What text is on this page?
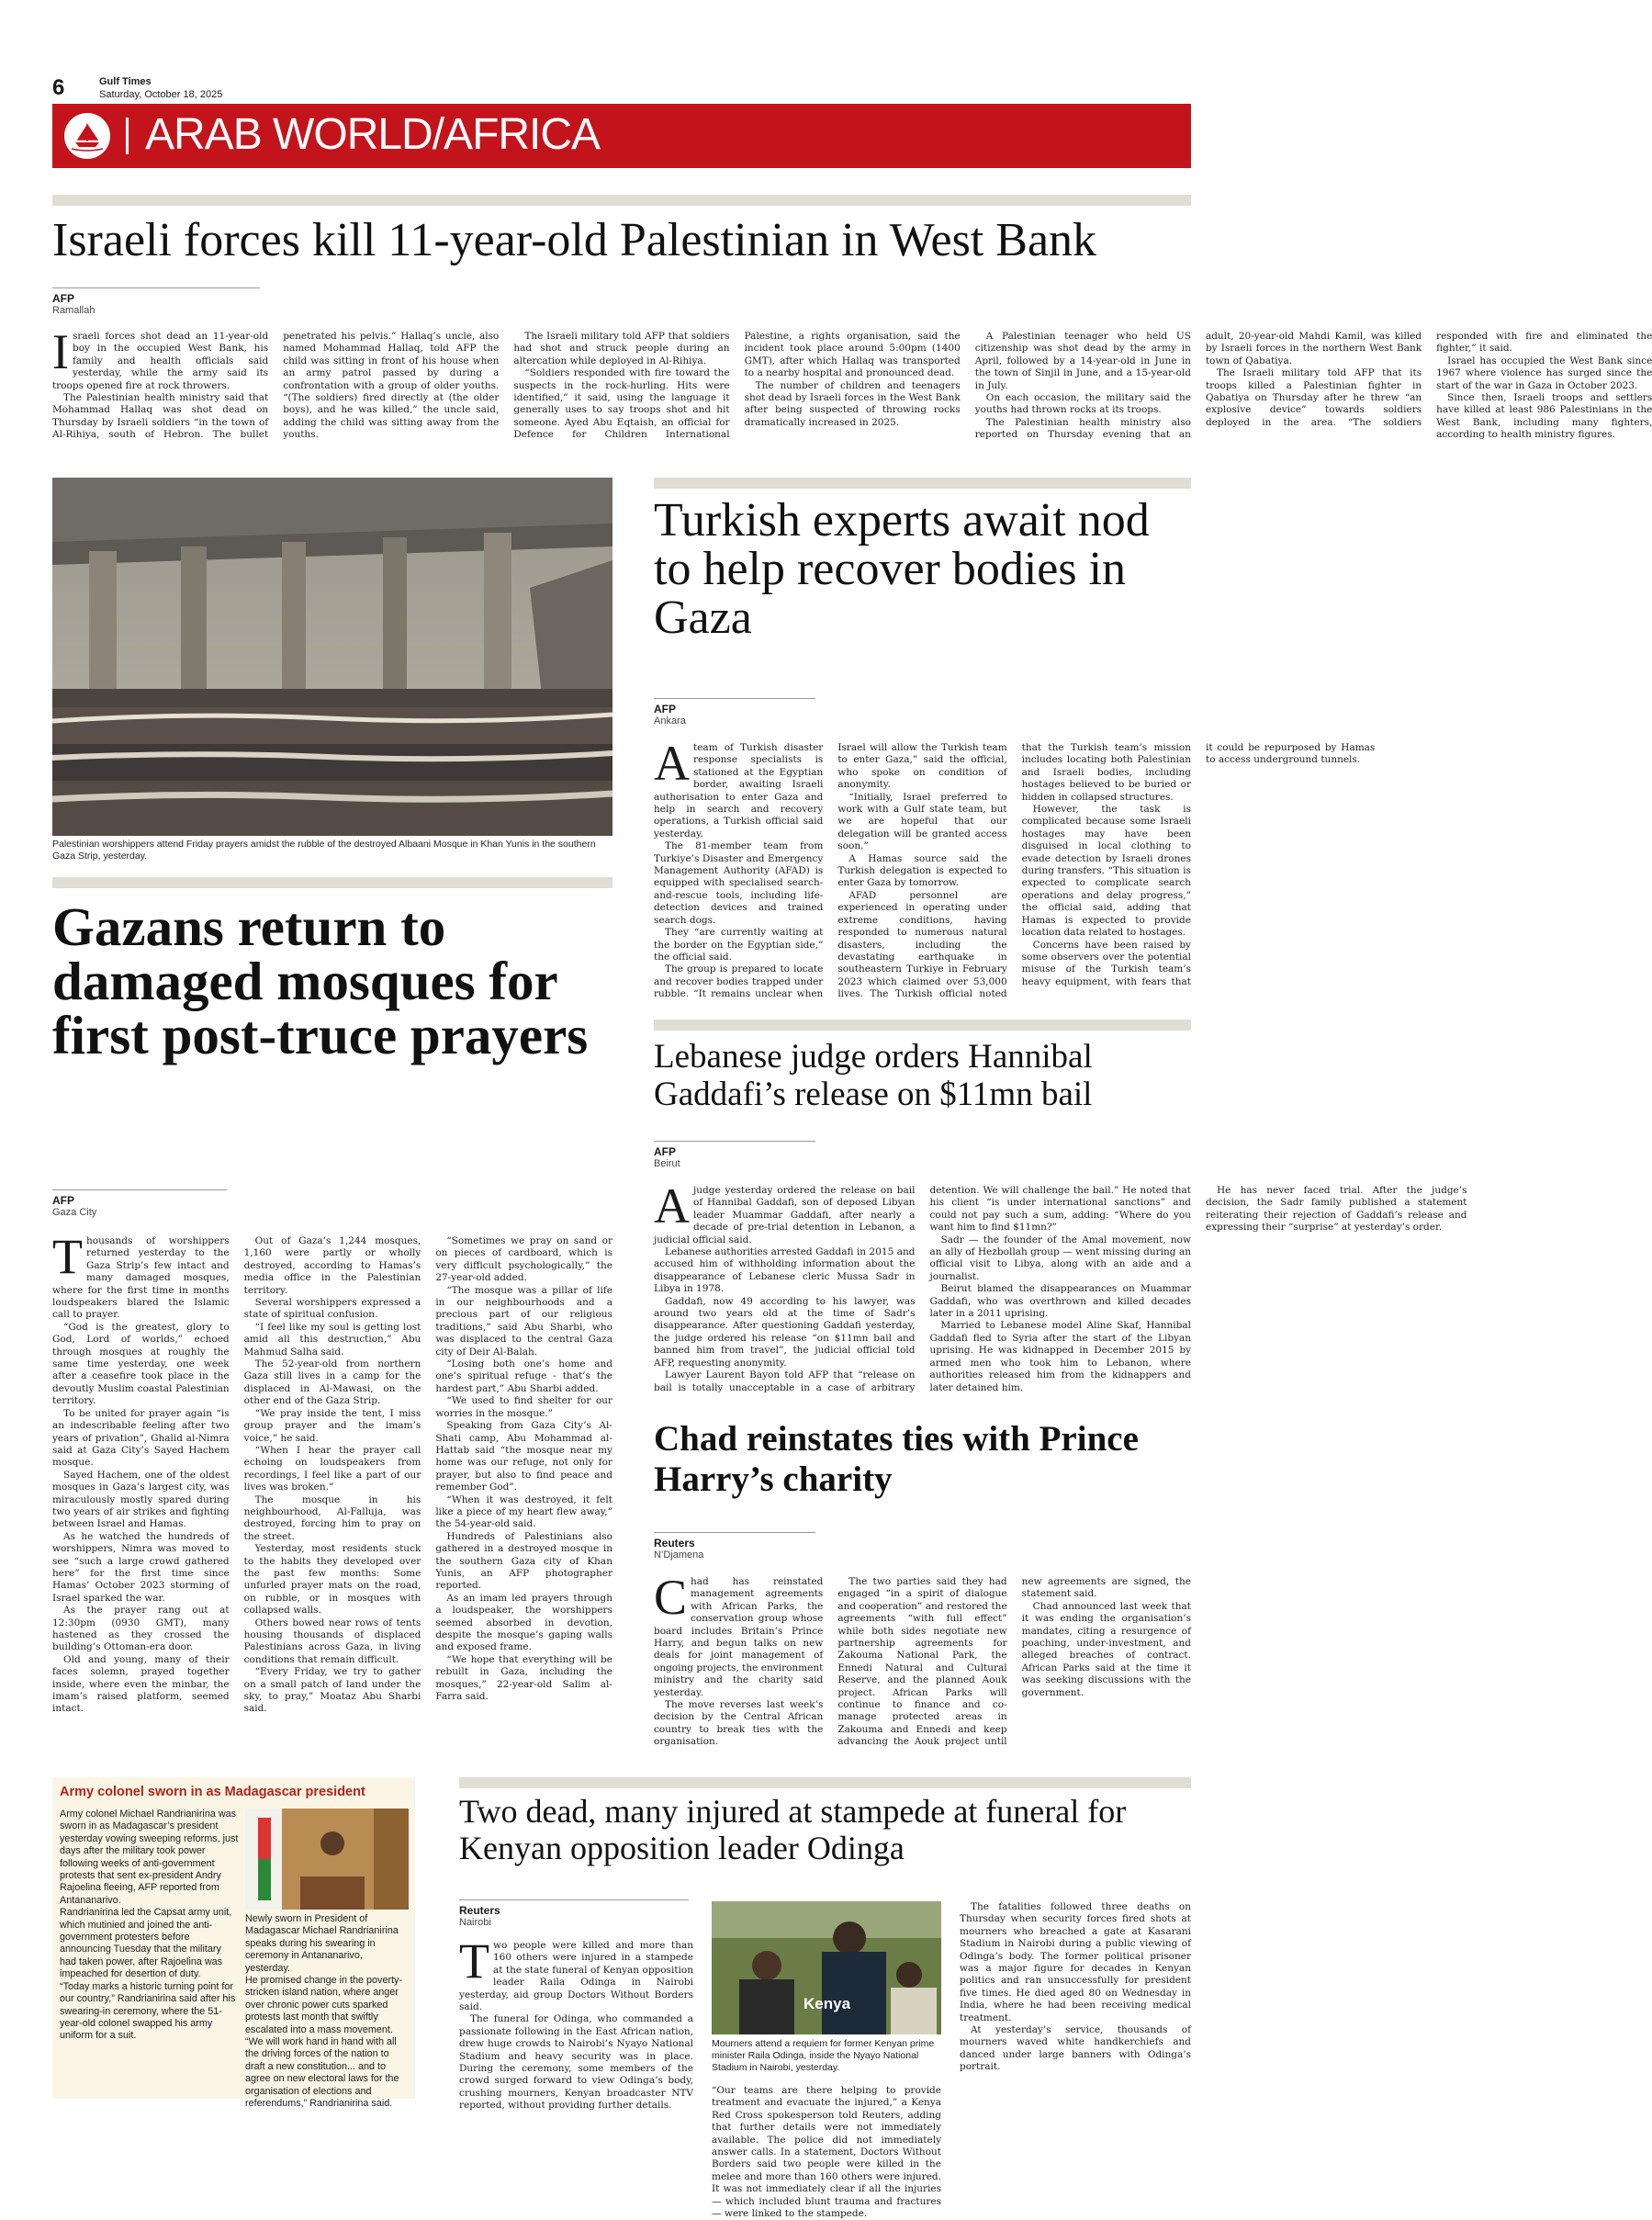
6	Gulf Times
Saturday, October 18, 2025
ARAB WORLD/AFRICA
Israeli forces kill 11-year-old Palestinian in West Bank
AFP
Ramallah

Israeli forces shot dead an 11-year-old boy in the occupied West Bank, his family and health officials said yesterday, while the army said its troops opened fire at rock throwers.

The Palestinian health ministry said that Mohammad Hallaq was shot dead on Thursday by Israeli soldiers “in the town of Al-Rihiya, south of Hebron. The bullet penetrated his pelvis.” Hallaq’s uncle, also named Mohammad Hallaq, told AFP the child was sitting in front of his house when an army patrol passed by during a confrontation with a group of older youths. “(The soldiers) fired directly at (the older boys), and he was killed,” the uncle said, adding the child was sitting away from the youths.

The Israeli military told AFP that soldiers had shot and struck people during an altercation while deployed in Al-Rihiya.

“Soldiers responded with fire toward the suspects in the rock-hurling. Hits were identified,” it said, using the language it generally uses to say troops shot and hit someone. Ayed Abu Eqtaish, an official for Defence for Children International Palestine, a rights organisation, said the incident took place around 5:00pm (1400 GMT), after which Hallaq was transported to a nearby hospital and pronounced dead.

The number of children and teenagers shot dead by Israeli forces in the West Bank after being suspected of throwing rocks dramatically increased in 2025.

A Palestinian teenager who held US citizenship was shot dead by the army in April, followed by a 14-year-old in June in the town of Sinjil in June, and a 15-year-old in July.

On each occasion, the military said the youths had thrown rocks at its troops.

The Palestinian health ministry also reported on Thursday evening that an adult, 20-year-old Mahdi Kamil, was killed by Israeli forces in the northern West Bank town of Qabatiya.

The Israeli military told AFP that its troops killed a Palestinian fighter in Qabatiya on Thursday after he threw “an explosive device” towards soldiers deployed in the area. “The soldiers responded with fire and eliminated the fighter,” it said.

Israel has occupied the West Bank since 1967 where violence has surged since the start of the war in Gaza in October 2023.

Since then, Israeli troops and settlers have killed at least 986 Palestinians in the West Bank, including many fighters, according to health ministry figures.

Palestinian worshippers attend Friday prayers amidst the rubble of the destroyed Albaani Mosque in Khan Yunis in the southern Gaza Strip, yesterday.
Turkish experts await nod to help recover bodies in Gaza
AFP
Ankara

A team of Turkish disaster response specialists is stationed at the Egyptian border, awaiting Israeli authorisation to enter Gaza and help in search and recovery operations, a Turkish official said yesterday.

The 81-member team from Turkiye’s Disaster and Emergency Management Authority (AFAD) is equipped with specialised search-and-rescue tools, including life-detection devices and trained search dogs.

They “are currently waiting at the border on the Egyptian side,” the official said.

The group is prepared to locate and recover bodies trapped under rubble. “It remains unclear when Israel will allow the Turkish team to enter Gaza,” said the official, who spoke on condition of anonymity.

“Initially, Israel preferred to work with a Gulf state team, but we are hopeful that our delegation will be granted access soon.”

A Hamas source said the Turkish delegation is expected to enter Gaza by tomorrow.

AFAD personnel are experienced in operating under extreme conditions, having responded to numerous natural disasters, including the devastating earthquake in southeastern Turkiye in February 2023 which claimed over 53,000 lives. The Turkish official noted that the Turkish team’s mission includes locating both Palestinian and Israeli bodies, including hostages believed to be buried or hidden in collapsed structures.

However, the task is complicated because some Israeli hostages may have been disguised in local clothing to evade detection by Israeli drones during transfers. “This situation is expected to complicate search operations and delay progress,” the official said, adding that Hamas is expected to provide location data related to hostages.

Concerns have been raised by some observers over the potential misuse of the Turkish team’s heavy equipment, with fears that it could be repurposed by Hamas to access underground tunnels.

Gazans return to damaged mosques for first post-truce prayers
AFP
Gaza City

Thousands of worshippers returned yesterday to the Gaza Strip’s few intact and many damaged mosques, where for the first time in months loudspeakers blared the Islamic call to prayer.

“God is the greatest, glory to God, Lord of worlds,” echoed through mosques at roughly the same time yesterday, one week after a ceasefire took place in the devoutly Muslim coastal Palestinian territory.

To be united for prayer again “is an indescribable feeling after two years of privation”, Ghalid al-Nimra said at Gaza City’s Sayed Hachem mosque.

Sayed Hachem, one of the oldest mosques in Gaza’s largest city, was miraculously mostly spared during two years of air strikes and fighting between Israel and Hamas.

As he watched the hundreds of worshippers, Nimra was moved to see “such a large crowd gathered here” for the first time since Hamas’ October 2023 storming of Israel sparked the war.

As the prayer rang out at 12:30pm (0930 GMT), many hastened as they crossed the building’s Ottoman-era door.

Old and young, many of their faces solemn, prayed together inside, where even the minbar, the imam’s raised platform, seemed intact.

Out of Gaza’s 1,244 mosques, 1,160 were partly or wholly destroyed, according to Hamas’s media office in the Palestinian territory.

Several worshippers expressed a state of spiritual confusion.

“I feel like my soul is getting lost amid all this destruction,” Abu Mahmud Salha said.

The 52-year-old from northern Gaza still lives in a camp for the displaced in Al-Mawasi, on the other end of the Gaza Strip.

“We pray inside the tent, I miss group prayer and the imam’s voice,” he said.

“When I hear the prayer call echoing on loudspeakers from recordings, I feel like a part of our lives was broken.”

The mosque in his neighbourhood, Al-Falluja, was destroyed, forcing him to pray on the street.

Yesterday, most residents stuck to the habits they developed over the past few months: Some unfurled prayer mats on the road, on rubble, or in mosques with collapsed walls.

Others bowed near rows of tents housing thousands of displaced Palestinians across Gaza, in living conditions that remain difficult.

“Every Friday, we try to gather on a small patch of land under the sky, to pray,” Moataz Abu Sharbi said.

“Sometimes we pray on sand or on pieces of cardboard, which is very difficult psychologically,” the 27-year-old added.

“The mosque was a pillar of life in our neighbourhoods and a precious part of our religious traditions,” said Abu Sharbi, who was displaced to the central Gaza city of Deir Al-Balah.

“Losing both one’s home and one’s spiritual refuge - that’s the hardest part,” Abu Sharbi added.

“We used to find shelter for our worries in the mosque.”

Speaking from Gaza City’s Al-Shati camp, Abu Mohammad al-Hattab said “the mosque near my home was our refuge, not only for prayer, but also to find peace and remember God”.

“When it was destroyed, it felt like a piece of my heart flew away,” the 54-year-old said.

Hundreds of Palestinians also gathered in a destroyed mosque in the southern Gaza city of Khan Yunis, an AFP photographer reported.

As an imam led prayers through a loudspeaker, the worshippers seemed absorbed in devotion, despite the mosque’s gaping walls and exposed frame.

“We hope that everything will be rebuilt in Gaza, including the mosques,” 22-year-old Salim al-Farra said.

Lebanese judge orders Hannibal Gaddafi’s release on $11mn bail
AFP
Beirut

A judge yesterday ordered the release on bail of Hannibal Gaddafi, son of deposed Libyan leader Muammar Gaddafi, after nearly a decade of pre-trial detention in Lebanon, a judicial official said.

Lebanese authorities arrested Gaddafi in 2015 and accused him of withholding information about the disappearance of Lebanese cleric Mussa Sadr in Libya in 1978.

Gaddafi, now 49 according to his lawyer, was around two years old at the time of Sadr’s disappearance. After questioning Gaddafi yesterday, the judge ordered his release “on $11mn bail and banned him from travel”, the judicial official told AFP, requesting anonymity.

Lawyer Laurent Bayon told AFP that “release on bail is totally unacceptable in a case of arbitrary detention. We will challenge the bail.” He noted that his client “is under international sanctions” and could not pay such a sum, adding: “Where do you want him to find $11mn?”

Sadr — the founder of the Amal movement, now an ally of Hezbollah group — went missing during an official visit to Libya, along with an aide and a journalist.

Beirut blamed the disappearances on Muammar Gaddafi, who was overthrown and killed decades later in a 2011 uprising.

Married to Lebanese model Aline Skaf, Hannibal Gaddafi fled to Syria after the start of the Libyan uprising. He was kidnapped in December 2015 by armed men who took him to Lebanon, where authorities released him from the kidnappers and later detained him.

He has never faced trial. After the judge’s decision, the Sadr family published a statement reiterating their rejection of Gaddafi’s release and expressing their “surprise” at yesterday’s order.

Chad reinstates ties with Prince Harry’s charity
Reuters
N’Djamena

Chad has reinstated management agreements with African Parks, the conservation group whose board includes Britain’s Prince Harry, and begun talks on new deals for joint management of ongoing projects, the environment ministry and the charity said yesterday.

The move reverses last week’s decision by the Central African country to break ties with the organisation.

The two parties said they had engaged “in a spirit of dialogue and cooperation” and restored the agreements “with full effect” while both sides negotiate new partnership agreements for Zakouma National Park, the Ennedi Natural and Cultural Reserve, and the planned Aouk project. African Parks will continue to finance and co-manage protected areas in Zakouma and Ennedi and keep advancing the Aouk project until new agreements are signed, the statement said.

Chad announced last week that it was ending the organisation’s mandates, citing a resurgence of poaching, under-investment, and alleged breaches of contract. African Parks said at the time it was seeking discussions with the government.

Army colonel sworn in as Madagascar president

Army colonel Michael Randrianirina was sworn in as Madagascar’s president yesterday vowing sweeping reforms, just days after the military took power following weeks of anti-government protests that sent ex-president Andry Rajoelina fleeing, AFP reported from Antananarivo.

Randrianirina led the Capsat army unit, which mutinied and joined the anti-government protesters before announcing Tuesday that the military had taken power, after Rajoelina was impeached for desertion of duty.

“Today marks a historic turning point for our country,” Randrianirina said after his swearing-in ceremony, where the 51-year-old colonel swapped his army uniform for a suit.

Newly sworn in President of Madagascar Michael Randrianirina speaks during his swearing in ceremony in Antananarivo, yesterday.

He promised change in the poverty-stricken island nation, where anger over chronic power cuts sparked protests last month that swiftly escalated into a mass movement.

“We will work hand in hand with all the driving forces of the nation to draft a new constitution... and to agree on new electoral laws for the organisation of elections and referendums,” Randrianirina said.

Two dead, many injured at stampede at funeral for Kenyan opposition leader Odinga
Reuters
Nairobi

Two people were killed and more than 160 others were injured in a stampede at the state funeral of Kenyan opposition leader Raila Odinga in Nairobi yesterday, aid group Doctors Without Borders said.

The funeral for Odinga, who commanded a passionate following in the East African nation, drew huge crowds to Nairobi’s Nyayo National Stadium and heavy security was in place. During the ceremony, some members of the crowd surged forward to view Odinga’s body, crushing mourners, Kenyan broadcaster NTV reported, without providing further details.

Kenya
Mourners attend a requiem for former Kenyan prime minister Raila Odinga, inside the Nyayo National Stadium in Nairobi, yesterday.

“Our teams are there helping to provide treatment and evacuate the injured,” a Kenya Red Cross spokesperson told Reuters, adding that further details were not immediately available. The police did not immediately answer calls. In a statement, Doctors Without Borders said two people were killed in the melee and more than 160 others were injured. It was not immediately clear if all the injuries — which included blunt trauma and fractures — were linked to the stampede.

The fatalities followed three deaths on Thursday when security forces fired shots at mourners who breached a gate at Kasarani Stadium in Nairobi during a public viewing of Odinga’s body. The former political prisoner was a major figure for decades in Kenyan politics and ran unsuccessfully for president five times. He died aged 80 on Wednesday in India, where he had been receiving medical treatment.

At yesterday’s service, thousands of mourners waved white handkerchiefs and danced under large banners with Odinga’s portrait.
